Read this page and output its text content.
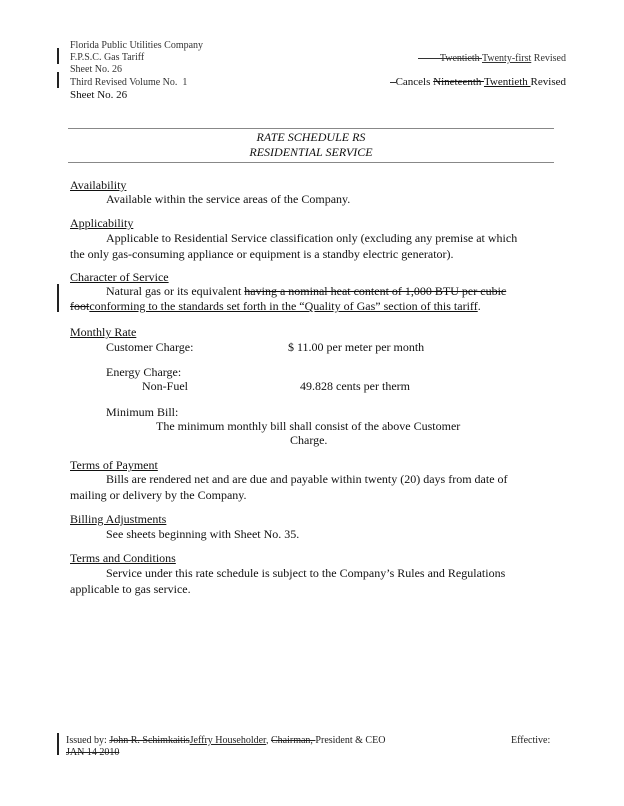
Florida Public Utilities Company
F.P.S.C. Gas Tariff
Sheet No. 26
Third Revised Volume No. 1
Sheet No. 26
Twentieth Twenty-first Revised
Cancels Nineteenth Twentieth Revised
RATE SCHEDULE RS
RESIDENTIAL SERVICE
Availability
Available within the service areas of the Company.
Applicability
Applicable to Residential Service classification only (excluding any premise at which
the only gas-consuming appliance or equipment is a standby electric generator).
Character of Service
Natural gas or its equivalent having a nominal heat content of 1,000 BTU per cubic
footconforming to the standards set forth in the “Quality of Gas” section of this tariff.
Monthly Rate
Customer Charge:	$ 11.00 per meter per month
Energy Charge:
Non-Fuel	49.828 cents per therm
Minimum Bill:
The minimum monthly bill shall consist of the above Customer
Charge.
Terms of Payment
Bills are rendered net and are due and payable within twenty (20) days from date of
mailing or delivery by the Company.
Billing Adjustments
See sheets beginning with Sheet No. 35.
Terms and Conditions
Service under this rate schedule is subject to the Company’s Rules and Regulations
applicable to gas service.
Issued by: John R. SchimkaitisJeffry Householder, Chairman, President & CEO
JAN 14 2010
Effective:
